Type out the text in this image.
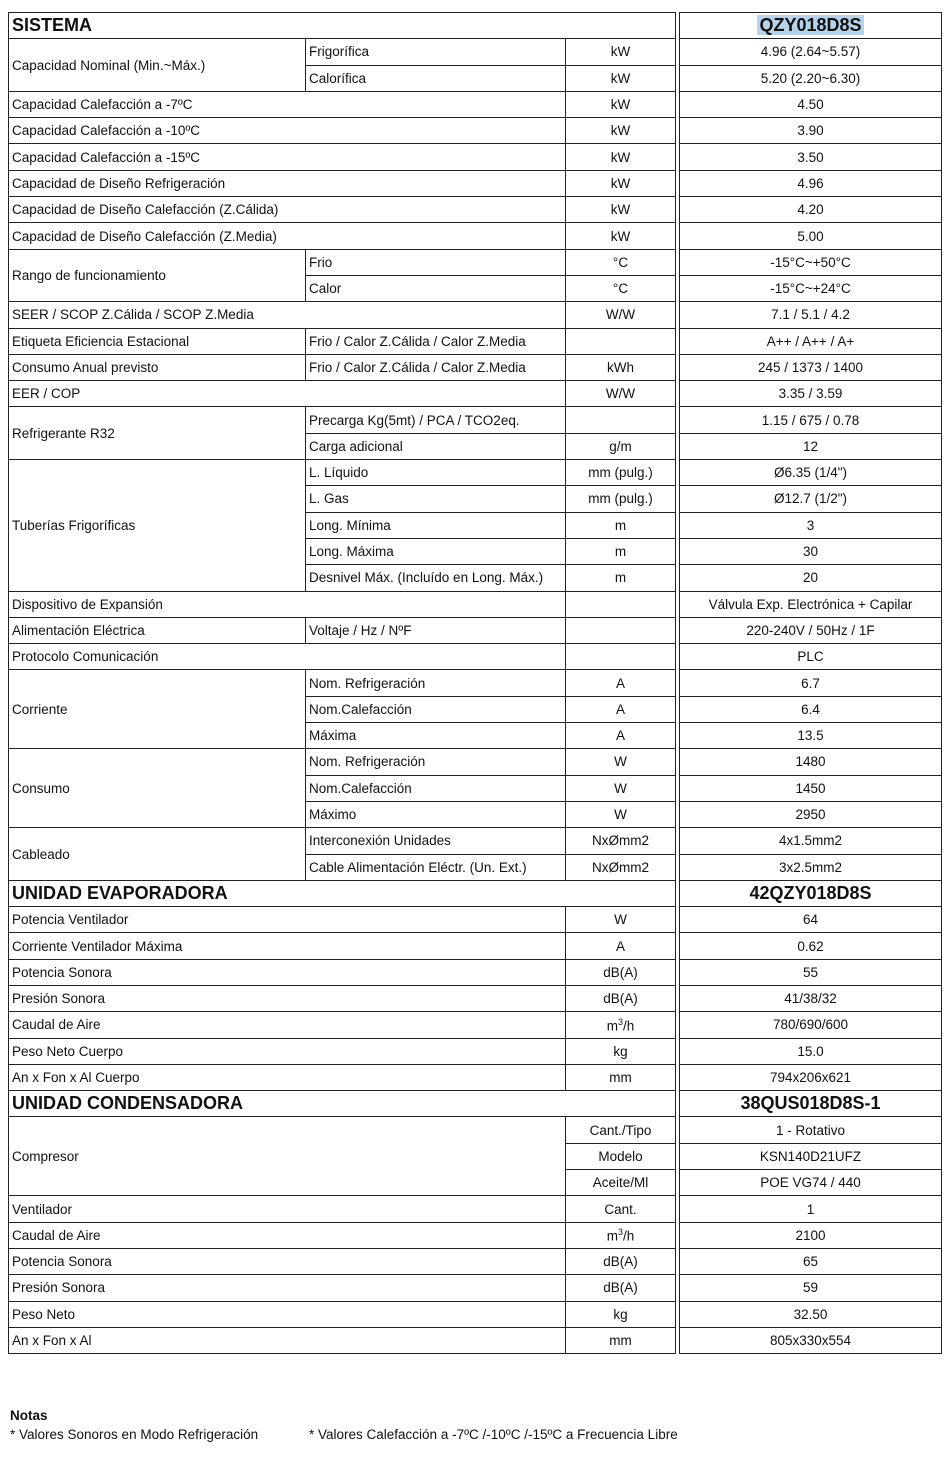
SISTEMA				QZY018D8S
Capacidad Nominal (Min.~Máx.)	Frigorífica	kW		4.96 (2.64~5.57)
	Calorífica	kW		5.20 (2.20~6.30)
Capacidad Calefacción a -7ºC		kW		4.50
Capacidad Calefacción a -10ºC		kW		3.90
Capacidad Calefacción a -15ºC		kW		3.50
Capacidad de Diseño Refrigeración		kW		4.96
Capacidad de Diseño Calefacción (Z.Cálida)		kW		4.20
Capacidad de Diseño Calefacción (Z.Media)		kW		5.00
Rango de funcionamiento	Frio	°C		-15°C~+50°C
	Calor	°C		-15°C~+24°C
SEER / SCOP Z.Cálida / SCOP Z.Media		W/W		7.1 / 5.1 / 4.2
Etiqueta Eficiencia Estacional	Frio / Calor Z.Cálida / Calor Z.Media			A++ / A++ / A+
Consumo Anual previsto	Frio / Calor Z.Cálida / Calor Z.Media	kWh		245 / 1373 / 1400
EER / COP		W/W		3.35 / 3.59
Refrigerante R32	Precarga Kg(5mt) / PCA / TCO2eq.			1.15 / 675 / 0.78
	Carga adicional	g/m		12
Tuberías Frigoríficas	L. Líquido	mm (pulg.)		Ø6.35 (1/4")
	L. Gas	mm (pulg.)		Ø12.7 (1/2")
	Long. Mínima	m		3
	Long. Máxima	m		30
	Desnivel Máx. (Incluído en Long. Máx.)	m		20
Dispositivo de Expansión				Válvula Exp. Electrónica + Capilar
Alimentación Eléctrica	Voltaje / Hz / NºF			220-240V / 50Hz / 1F
Protocolo Comunicación				PLC
Corriente	Nom. Refrigeración	A		6.7
	Nom.Calefacción	A		6.4
	Máxima	A		13.5
Consumo	Nom. Refrigeración	W		1480
	Nom.Calefacción	W		1450
	Máximo	W		2950
Cableado	Interconexión Unidades	NxØmm2		4x1.5mm2
	Cable Alimentación Eléctr. (Un. Ext.)	NxØmm2		3x2.5mm2
UNIDAD EVAPORADORA				42QZY018D8S
Potencia Ventilador		W		64
Corriente Ventilador Máxima		A		0.62
Potencia Sonora		dB(A)		55
Presión Sonora		dB(A)		41/38/32
Caudal de Aire		$m^3/h$		780/690/600
Peso Neto Cuerpo		kg		15.0
An x Fon x Al Cuerpo		mm		794x206x621
UNIDAD CONDENSADORA				38QUS018D8S-1
Compresor		Cant./Tipo		1 - Rotativo
		Modelo		KSN140D21UFZ
		Aceite/Ml		POE VG74 / 440
Ventilador		Cant.		1
Caudal de Aire		$m^3/h$		2100
Potencia Sonora		dB(A)		65
Presión Sonora		dB(A)		59
Peso Neto		kg		32.50
An x Fon x Al		mm		805x330x554
Notas
* Valores Sonoros en Modo Refrigeración	* Valores Calefacción a -7ºC /-10ºC /-15ºC a Frecuencia Libre
